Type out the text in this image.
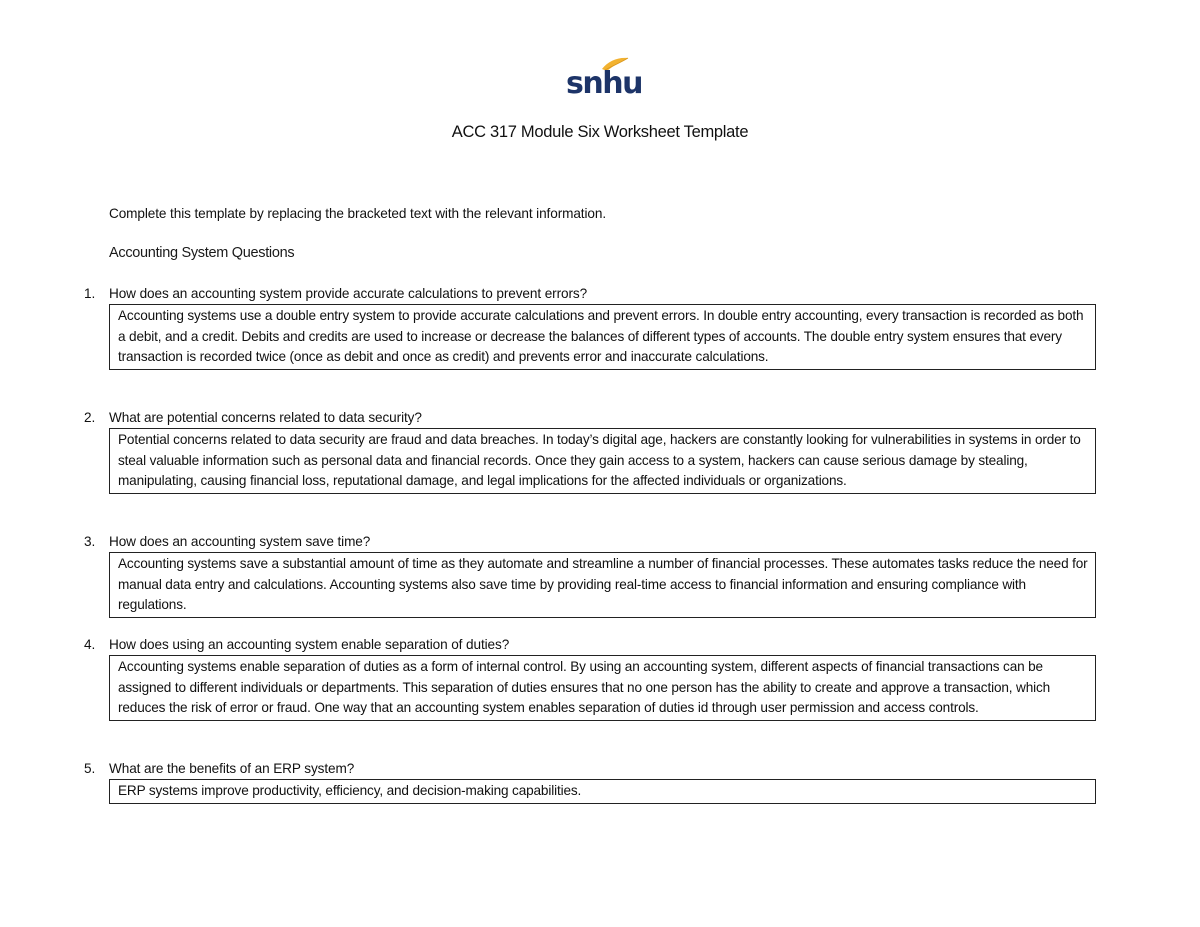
snhu
ACC 317 Module Six Worksheet Template
Complete this template by replacing the bracketed text with the relevant information.
Accounting System Questions
1. How does an accounting system provide accurate calculations to prevent errors?
Accounting systems use a double entry system to provide accurate calculations and prevent errors. In double entry accounting, every transaction is recorded as both a debit, and a credit. Debits and credits are used to increase or decrease the balances of different types of accounts. The double entry system ensures that every transaction is recorded twice (once as debit and once as credit) and prevents error and inaccurate calculations.
2. What are potential concerns related to data security?
Potential concerns related to data security are fraud and data breaches. In today’s digital age, hackers are constantly looking for vulnerabilities in systems in order to steal valuable information such as personal data and financial records. Once they gain access to a system, hackers can cause serious damage by stealing, manipulating, causing financial loss, reputational damage, and legal implications for the affected individuals or organizations.
3. How does an accounting system save time?
Accounting systems save a substantial amount of time as they automate and streamline a number of financial processes. These automates tasks reduce the need for manual data entry and calculations. Accounting systems also save time by providing real-time access to financial information and ensuring compliance with regulations.
4. How does using an accounting system enable separation of duties?
Accounting systems enable separation of duties as a form of internal control. By using an accounting system, different aspects of financial transactions can be assigned to different individuals or departments. This separation of duties ensures that no one person has the ability to create and approve a transaction, which reduces the risk of error or fraud. One way that an accounting system enables separation of duties id through user permission and access controls.
5. What are the benefits of an ERP system?
ERP systems improve productivity, efficiency, and decision-making capabilities.
